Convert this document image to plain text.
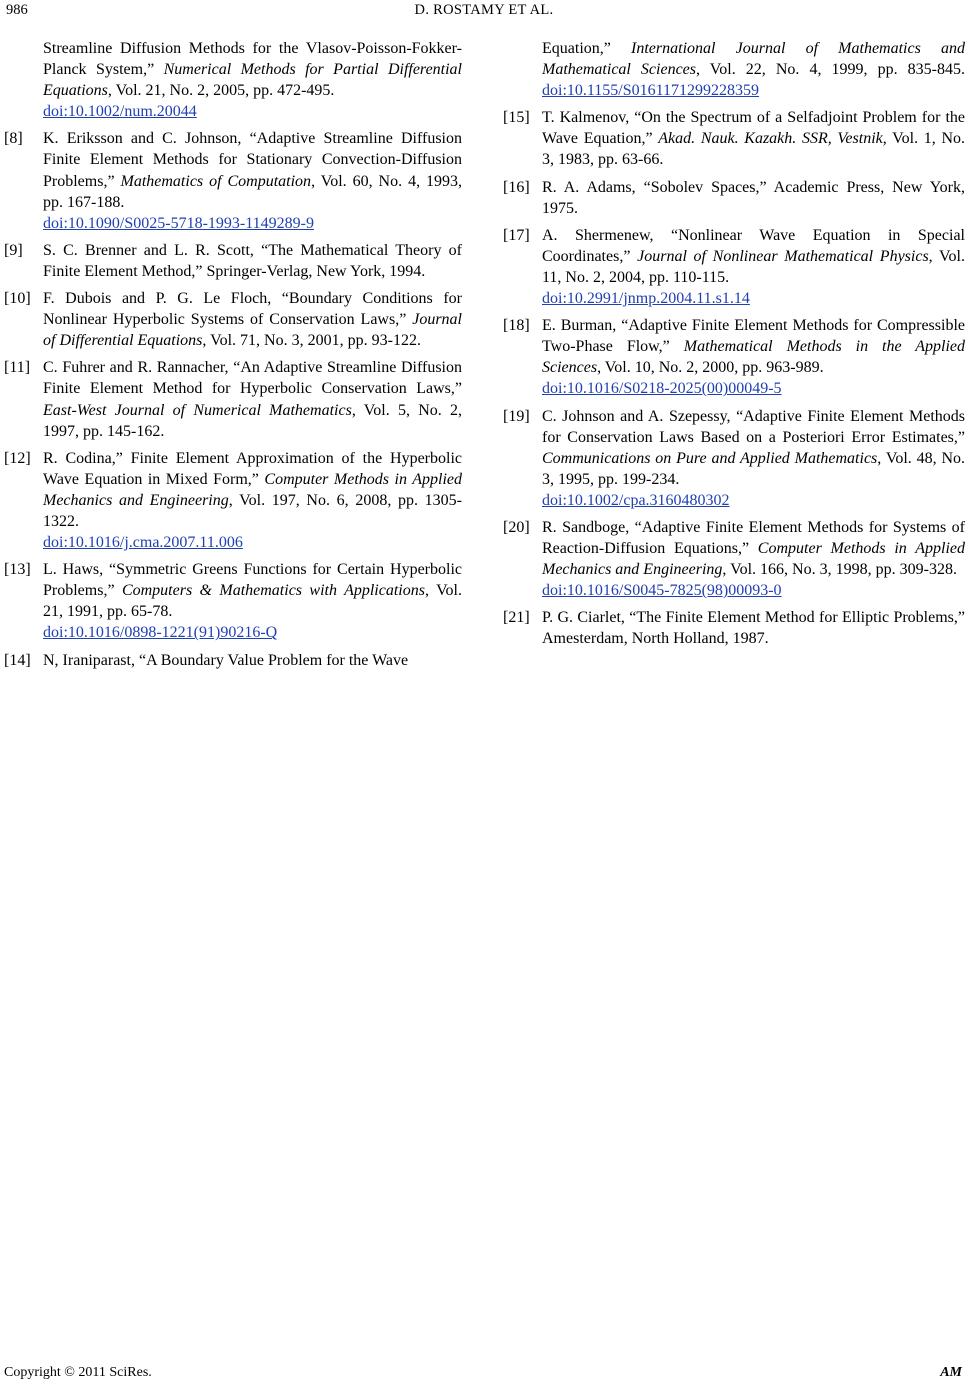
986	D. ROSTAMY ET AL.
Streamline Diffusion Methods for the Vlasov-Poisson-Fokker-Planck System,” Numerical Methods for Partial Differential Equations, Vol. 21, No. 2, 2005, pp. 472-495.
doi:10.1002/num.20044
[8] K. Eriksson and C. Johnson, “Adaptive Streamline Diffusion Finite Element Methods for Stationary Convection-Diffusion Problems,” Mathematics of Computation, Vol. 60, No. 4, 1993, pp. 167-188.
doi:10.1090/S0025-5718-1993-1149289-9
[9] S. C. Brenner and L. R. Scott, “The Mathematical Theory of Finite Element Method,” Springer-Verlag, New York, 1994.
[10] F. Dubois and P. G. Le Floch, “Boundary Conditions for Nonlinear Hyperbolic Systems of Conservation Laws,” Journal of Differential Equations, Vol. 71, No. 3, 2001, pp. 93-122.
[11] C. Fuhrer and R. Rannacher, “An Adaptive Streamline Diffusion Finite Element Method for Hyperbolic Conservation Laws,” East-West Journal of Numerical Mathematics, Vol. 5, No. 2, 1997, pp. 145-162.
[12] R. Codina,” Finite Element Approximation of the Hyperbolic Wave Equation in Mixed Form,” Computer Methods in Applied Mechanics and Engineering, Vol. 197, No. 6, 2008, pp. 1305-1322.
doi:10.1016/j.cma.2007.11.006
[13] L. Haws, “Symmetric Greens Functions for Certain Hyperbolic Problems,” Computers & Mathematics with Applications, Vol. 21, 1991, pp. 65-78.
doi:10.1016/0898-1221(91)90216-Q
[14] N, Iraniparast, “A Boundary Value Problem for the Wave
Equation,” International Journal of Mathematics and Mathematical Sciences, Vol. 22, No. 4, 1999, pp. 835-845. doi:10.1155/S0161171299228359
[15] T. Kalmenov, “On the Spectrum of a Selfadjoint Problem for the Wave Equation,” Akad. Nauk. Kazakh. SSR, Vestnik, Vol. 1, No. 3, 1983, pp. 63-66.
[16] R. A. Adams, “Sobolev Spaces,” Academic Press, New York, 1975.
[17] A. Shermenew, “Nonlinear Wave Equation in Special Coordinates,” Journal of Nonlinear Mathematical Physics, Vol. 11, No. 2, 2004, pp. 110-115.
doi:10.2991/jnmp.2004.11.s1.14
[18] E. Burman, “Adaptive Finite Element Methods for Compressible Two-Phase Flow,” Mathematical Methods in the Applied Sciences, Vol. 10, No. 2, 2000, pp. 963-989.
doi:10.1016/S0218-2025(00)00049-5
[19] C. Johnson and A. Szepessy, “Adaptive Finite Element Methods for Conservation Laws Based on a Posteriori Error Estimates,” Communications on Pure and Applied Mathematics, Vol. 48, No. 3, 1995, pp. 199-234.
doi:10.1002/cpa.3160480302
[20] R. Sandboge, “Adaptive Finite Element Methods for Systems of Reaction-Diffusion Equations,” Computer Methods in Applied Mechanics and Engineering, Vol. 166, No. 3, 1998, pp. 309-328.
doi:10.1016/S0045-7825(98)00093-0
[21] P. G. Ciarlet, “The Finite Element Method for Elliptic Problems,” Amesterdam, North Holland, 1987.
Copyright © 2011 SciRes.	AM
